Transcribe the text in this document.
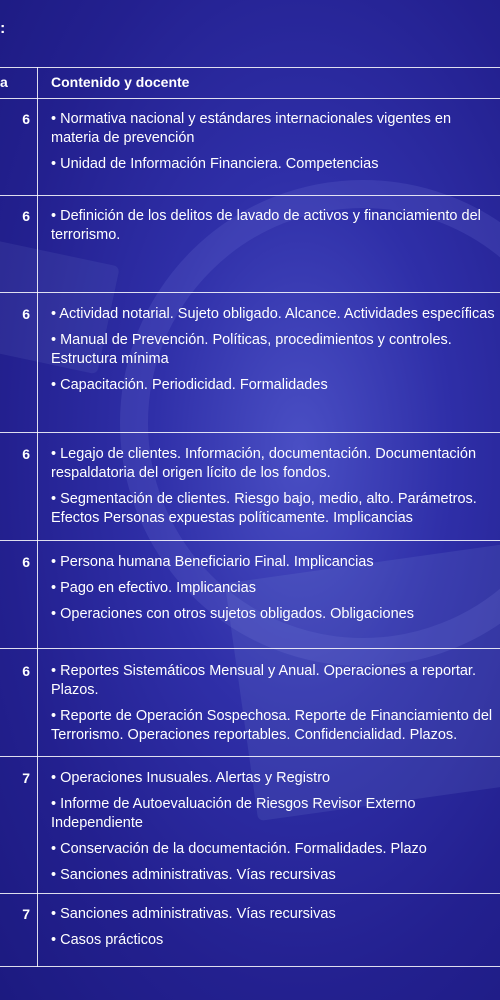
:
a	Contenido y docente
6 • Normativa nacional y estándares internacionales vigentes en materia de prevención

• Unidad de Información Financiera. Competencias

6 • Definición de los delitos de lavado de activos y financiamiento del terrorismo.

6 • Actividad notarial. Sujeto obligado. Alcance. Actividades específicas

• Manual de Prevención. Políticas, procedimientos y controles. Estructura mínima

• Capacitación. Periodicidad. Formalidades

6 • Legajo de clientes. Información, documentación. Documentación respaldatoria del origen lícito de los fondos.

• Segmentación de clientes. Riesgo bajo, medio, alto. Parámetros. Efectos Personas expuestas políticamente. Implicancias

6 • Persona humana Beneficiario Final. Implicancias

• Pago en efectivo. Implicancias

• Operaciones con otros sujetos obligados. Obligaciones

6 • Reportes Sistemáticos Mensual y Anual. Operaciones a reportar. Plazos.

• Reporte de Operación Sospechosa. Reporte de Financiamiento del Terrorismo. Operaciones reportables. Confidencialidad. Plazos.

7 • Operaciones Inusuales. Alertas y Registro

• Informe de Autoevaluación de Riesgos Revisor Externo Independiente

• Conservación de la documentación. Formalidades. Plazo

• Sanciones administrativas. Vías recursivas

7 • Sanciones administrativas. Vías recursivas

• Casos prácticos
